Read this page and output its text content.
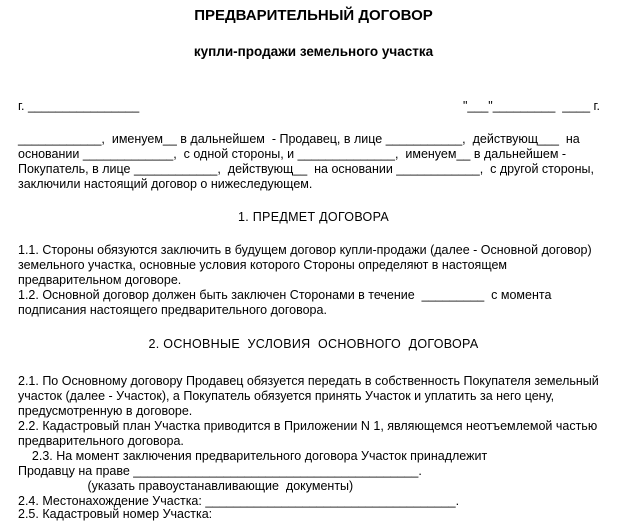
ПРЕДВАРИТЕЛЬНЫЙ ДОГОВОР
купли-продажи земельного участка
г. ________________	"___"_________  ____ г.
____________,  именуем__ в дальнейшем  - Продавец, в лице ___________,  действующ___  на
основании _____________,  с одной стороны, и ______________,  именуем__ в дальнейшем -
Покупатель, в лице ____________,  действующ__  на основании ____________,  с другой стороны,
заключили настоящий договор о нижеследующем.
1. ПРЕДМЕТ ДОГОВОРА
1.1. Стороны обязуются заключить в будущем договор купли-продажи (далее - Основной договор)
земельного участка, основные условия которого Стороны определяют в настоящем
предварительном договоре.
1.2. Основной договор должен быть заключен Сторонами в течение  _________  с момента
подписания настоящего предварительного договора.
2. ОСНОВНЫЕ  УСЛОВИЯ  ОСНОВНОГО  ДОГОВОРА
2.1. По Основному договору Продавец обязуется передать в собственность Покупателя земельный
участок (далее - Участок), а Покупатель обязуется принять Участок и уплатить за него цену,
предусмотренную в договоре.
2.2. Кадастровый план Участка приводится в Приложении N 1, являющемся неотъемлемой частью
предварительного договора.
2.3. На момент заключения предварительного договора Участок принадлежит
Продавцу на праве _________________________________________.
(указать правоустанавливающие  документы)
2.4. Местонахождение Участка: ____________________________________.
2.5. Кадастровый номер Участка:
